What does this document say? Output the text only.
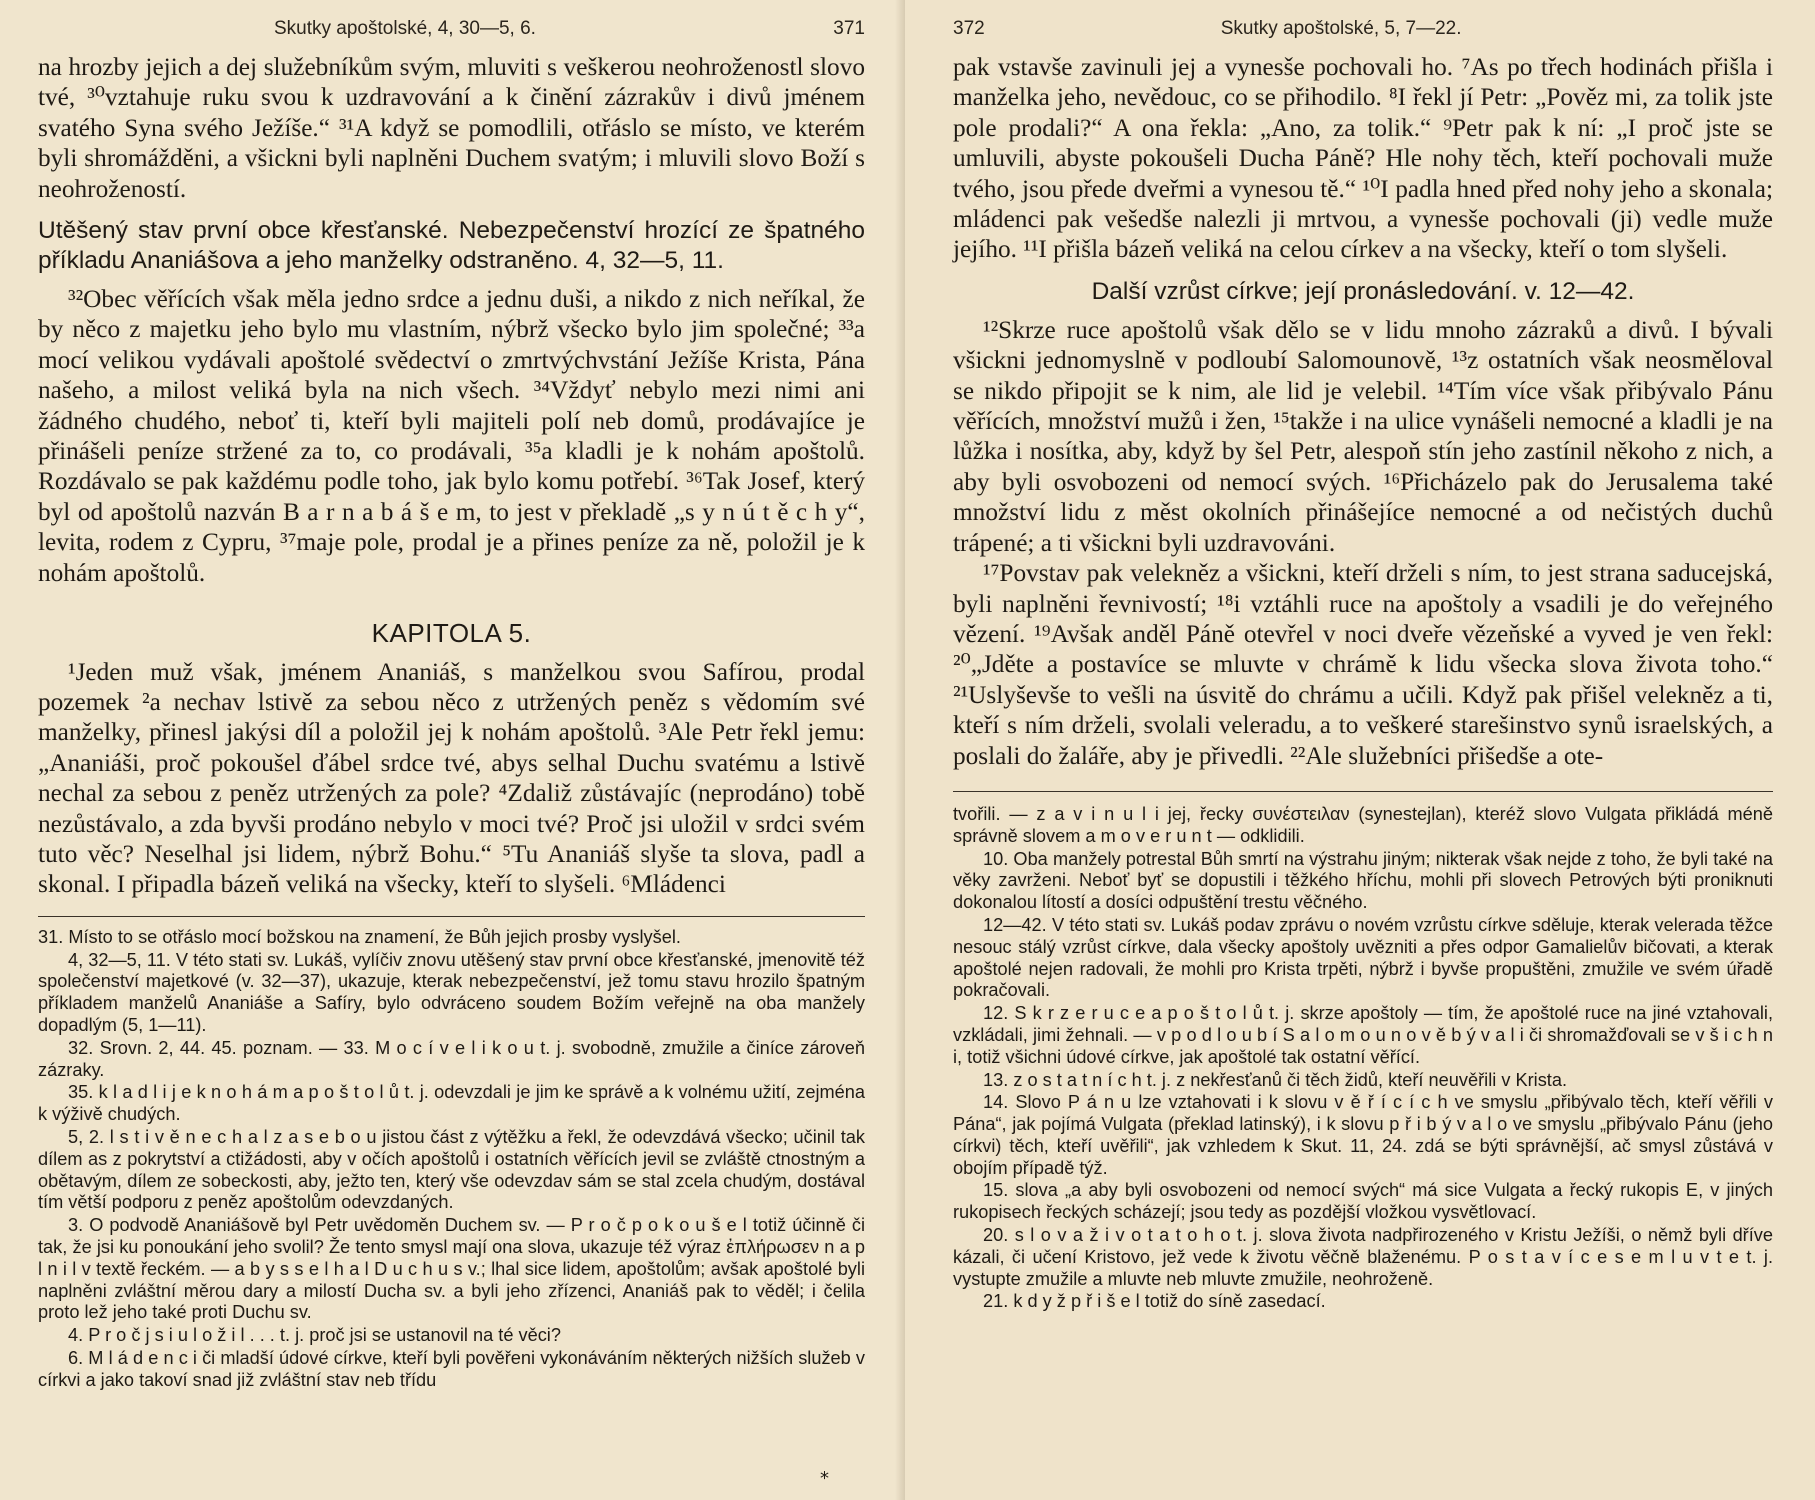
Skutky apoštolské, 4, 30—5, 6.	371

na hrozby jejich a dej služebníkům svým, mluviti s veškerou neohroženostl slovo tvé, ³⁰vztahuje ruku svou k uzdravování a k činění zázrakův i divů jménem svatého Syna svého Ježíše.“ ³¹A když se pomodlili, otřáslo se místo, ve kterém byli shromážděni, a všickni byli naplněni Duchem svatým; i mluvili slovo Boží s neohrožeností.

Utěšený stav první obce křesťanské. Nebezpečenství hrozící ze špatného příkladu Ananiášova a jeho manželky odstraněno. 4, 32—5, 11.

³²Obec věřících však měla jedno srdce a jednu duši, a nikdo z nich neříkal, že by něco z majetku jeho bylo mu vlastním, nýbrž všecko bylo jim společné; ³³a mocí velikou vydávali apoštolé svědectví o zmrtvýchvstání Ježíše Krista, Pána našeho, a milost veliká byla na nich všech. ³⁴Vždyť nebylo mezi nimi ani žádného chudého, neboť ti, kteří byli majiteli polí neb domů, prodávajíce je přinášeli peníze stržené za to, co prodávali, ³⁵a kladli je k nohám apoštolů. Rozdávalo se pak každému podle toho, jak bylo komu potřebí. ³⁶Tak Josef, který byl od apoštolů nazván B a r n a b á š e m, to jest v překladě „s y n ú t ě c h y“, levita, rodem z Cypru, ³⁷maje pole, prodal je a přines peníze za ně, položil je k nohám apoštolů.

KAPITOLA 5.

¹Jeden muž však, jménem Ananiáš, s manželkou svou Safírou, prodal pozemek ²a nechav lstivě za sebou něco z utržených peněz s vědomím své manželky, přinesl jakýsi díl a položil jej k nohám apoštolů. ³Ale Petr řekl jemu: „Ananiáši, proč pokoušel ďábel srdce tvé, abys selhal Duchu svatému a lstivě nechal za sebou z peněz utržených za pole? ⁴Zdaliž zůstávajíc (neprodáno) tobě nezůstávalo, a zda byvši prodáno nebylo v moci tvé? Proč jsi uložil v srdci svém tuto věc? Neselhal jsi lidem, nýbrž Bohu.“ ⁵Tu Ananiáš slyše ta slova, padl a skonal. I připadla bázeň veliká na všecky, kteří to slyšeli. ⁶Mládenci

31. Místo to se otřáslo mocí božskou na znamení, že Bůh jejich prosby vyslyšel.

4, 32—5, 11. V této stati sv. Lukáš, vylíčiv znovu utěšený stav první obce křesťanské, jmenovitě též společenství majetkové (v. 32—37), ukazuje, kterak nebezpečenství, jež tomu stavu hrozilo špatným příkladem manželů Ananiáše a Safíry, bylo odvráceno soudem Božím veřejně na oba manžely dopadlým (5, 1—11).

32. Srovn. 2, 44. 45. poznam. — 33. M o c í v e l i k o u t. j. svobodně, zmužile a činíce zároveň zázraky.

35. k l a d l i j e k n o h á m a p o š t o l ů t. j. odevzdali je jim ke správě a k volnému užití, zejména k výživě chudých.

5, 2. l s t i v ě n e c h a l z a s e b o u jistou část z výtěžku a řekl, že odevzdává všecko; učinil tak dílem as z pokrytství a ctižádosti, aby v očích apoštolů i ostatních věřících jevil se zvláště ctnostným a obětavým, dílem ze sobeckosti, aby, ježto ten, který vše odevzdav sám se stal zcela chudým, dostával tím větší podporu z peněz apoštolům odevzdaných.

3. O podvodě Ananiášově byl Petr uvědoměn Duchem sv. — P r o č p o k o u š e l totiž účinně či tak, že jsi ku ponoukání jeho svolil? Že tento smysl mají ona slova, ukazuje též výraz ἐπλήρωσεν n a p l n i l v textě řeckém. — a b y s s e l h a l D u c h u s v.; lhal sice lidem, apoštolům; avšak apoštolé byli naplněni zvláštní měrou dary a milostí Ducha sv. a byli jeho zřízenci, Ananiáš pak to věděl; i čelila proto lež jeho také proti Duchu sv.

4. P r o č j s i u l o ž i l . . . t. j. proč jsi se ustanovil na té věci?

6. M l á d e n c i či mladší údové církve, kteří byli pověřeni vykonáváním některých nižších služeb v církvi a jako takoví snad již zvláštní stav neb třídu

*
372	Skutky apoštolské, 5, 7—22.

pak vstavše zavinuli jej a vynesše pochovali ho. ⁷As po třech hodinách přišla i manželka jeho, nevědouc, co se přihodilo. ⁸I řekl jí Petr: „Pověz mi, za tolik jste pole prodali?“ A ona řekla: „Ano, za tolik.“ ⁹Petr pak k ní: „I proč jste se umluvili, abyste pokoušeli Ducha Páně? Hle nohy těch, kteří pochovali muže tvého, jsou přede dveřmi a vynesou tě.“ ¹⁰I padla hned před nohy jeho a skonala; mládenci pak vešedše nalezli ji mrtvou, a vynesše pochovali (ji) vedle muže jejího. ¹¹I přišla bázeň veliká na celou církev a na všecky, kteří o tom slyšeli.

Další vzrůst církve; její pronásledování. v. 12—42.

¹²Skrze ruce apoštolů však dělo se v lidu mnoho zázraků a divů. I bývali všickni jednomyslně v podloubí Salomounově, ¹³z ostatních však neosměloval se nikdo připojit se k nim, ale lid je velebil. ¹⁴Tím více však přibývalo Pánu věřících, množství mužů i žen, ¹⁵takže i na ulice vynášeli nemocné a kladli je na lůžka i nosítka, aby, když by šel Petr, alespoň stín jeho zastínil někoho z nich, a aby byli osvobozeni od nemocí svých. ¹⁶Přicházelo pak do Jerusalema také množství lidu z měst okolních přinášejíce nemocné a od nečistých duchů trápené; a ti všickni byli uzdravováni.

¹⁷Povstav pak velekněz a všickni, kteří drželi s ním, to jest strana saducejská, byli naplněni řevnivostí; ¹⁸i vztáhli ruce na apoštoly a vsadili je do veřejného vězení. ¹⁹Avšak anděl Páně otevřel v noci dveře vězeňské a vyved je ven řekl: ²⁰„Jděte a postavíce se mluvte v chrámě k lidu všecka slova života toho.“ ²¹Uslyševše to vešli na úsvitě do chrámu a učili. Když pak přišel velekněz a ti, kteří s ním drželi, svolali veleradu, a to veškeré starešinstvo synů israelských, a poslali do žaláře, aby je přivedli. ²²Ale služebníci přišedše a ote-

tvořili. — z a v i n u l i jej, řecky συνέστειλαν (synestejlan), kteréž slovo Vulgata přikládá méně správně slovem a m o v e r u n t — odklidili.

10. Oba manžely potrestal Bůh smrtí na výstrahu jiným; nikterak však nejde z toho, že byli také na věky zavrženi. Neboť byť se dopustili i těžkého hříchu, mohli při slovech Petrových býti proniknuti dokonalou lítostí a dosíci odpuštění trestu věčného.

12—42. V této stati sv. Lukáš podav zprávu o novém vzrůstu církve sděluje, kterak velerada těžce nesouc stálý vzrůst církve, dala všecky apoštoly uvězniti a přes odpor Gamalielův bičovati, a kterak apoštolé nejen radovali, že mohli pro Krista trpěti, nýbrž i byvše propuštěni, zmužile ve svém úřadě pokračovali.

12. S k r z e r u c e a p o š t o l ů t. j. skrze apoštoly — tím, že apoštolé ruce na jiné vztahovali, vzkládali, jimi žehnali. — v p o d l o u b í S a l o m o u n o v ě b ý v a l i či shromažďovali se v š i c h n i, totiž všichni údové církve, jak apoštolé tak ostatní věřící.

13. z o s t a t n í c h t. j. z nekřesťanů či těch židů, kteří neuvěřili v Krista.

14. Slovo P á n u lze vztahovati i k slovu v ě ř í c í c h ve smyslu „přibývalo těch, kteří věřili v Pána“, jak pojímá Vulgata (překlad latinský), i k slovu p ř i b ý v a l o ve smyslu „přibývalo Pánu (jeho církvi) těch, kteří uvěřili“, jak vzhledem k Skut. 11, 24. zdá se býti správnější, ač smysl zůstává v obojím případě týž.

15. slova „a aby byli osvobozeni od nemocí svých“ má sice Vulgata a řecký rukopis E, v jiných rukopisech řeckých scházejí; jsou tedy as pozdější vložkou vysvětlovací.

20. s l o v a ž i v o t a t o h o t. j. slova života nadpřirozeného v Kristu Ježíši, o němž byli dříve kázali, či učení Kristovo, jež vede k životu věčně blaženému. P o s t a v í c e s e m l u v t e t. j. vystupte zmužile a mluvte neb mluvte zmužile, neohroženě.

21. k d y ž p ř i š e l totiž do síně zasedací.
